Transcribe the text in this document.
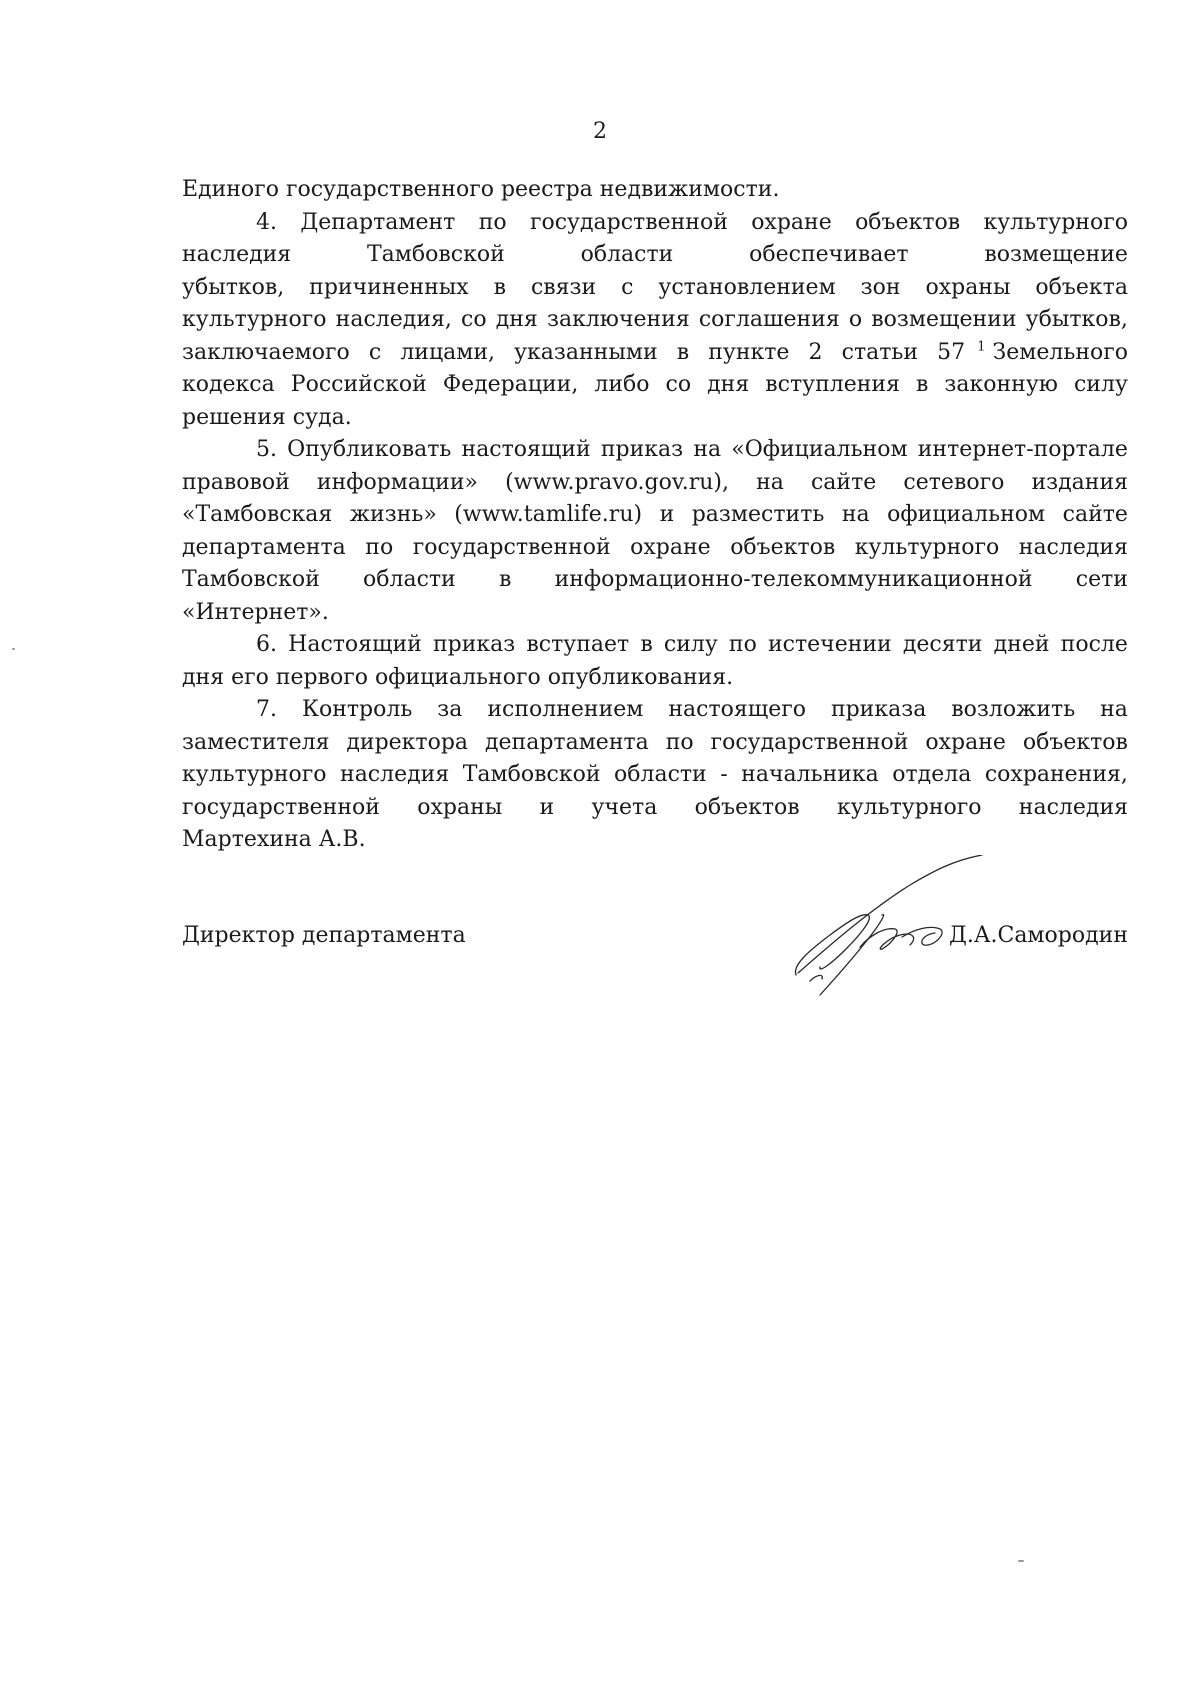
2
Единого государственного реестра недвижимости.
4. Департамент по государственной охране объектов культурного
наследия	Тамбовской	области	обеспечивает	возмещение
убытков, причиненных в связи с установлением зон охраны объекта
культурного наследия, со дня заключения соглашения о возмещении убытков,
заключаемого с лицами, указанными в пункте 2 статьи 57 $^1$ Земельного
кодекса Российской Федерации, либо со дня вступления в законную силу
решения суда.
5. Опубликовать настоящий приказ на «Официальном интернет-портале
правовой информации» (www.pravo.gov.ru), на сайте сетевого издания
«Тамбовская жизнь» (www.tamlife.ru) и разместить на официальном сайте
департамента по государственной охране объектов культурного наследия
Тамбовской области в информационно-телекоммуникационной сети
«Интернет».
6. Настоящий приказ вступает в силу по истечении десяти дней после
дня его первого официального опубликования.
7. Контроль за исполнением настоящего приказа возложить на
заместителя директора департамента по государственной охране объектов
культурного наследия Тамбовской области - начальника отдела сохранения,
государственной охраны и учета объектов культурного наследия
Мартехина А.В.
Директор департамента	Д.А.Самородин
